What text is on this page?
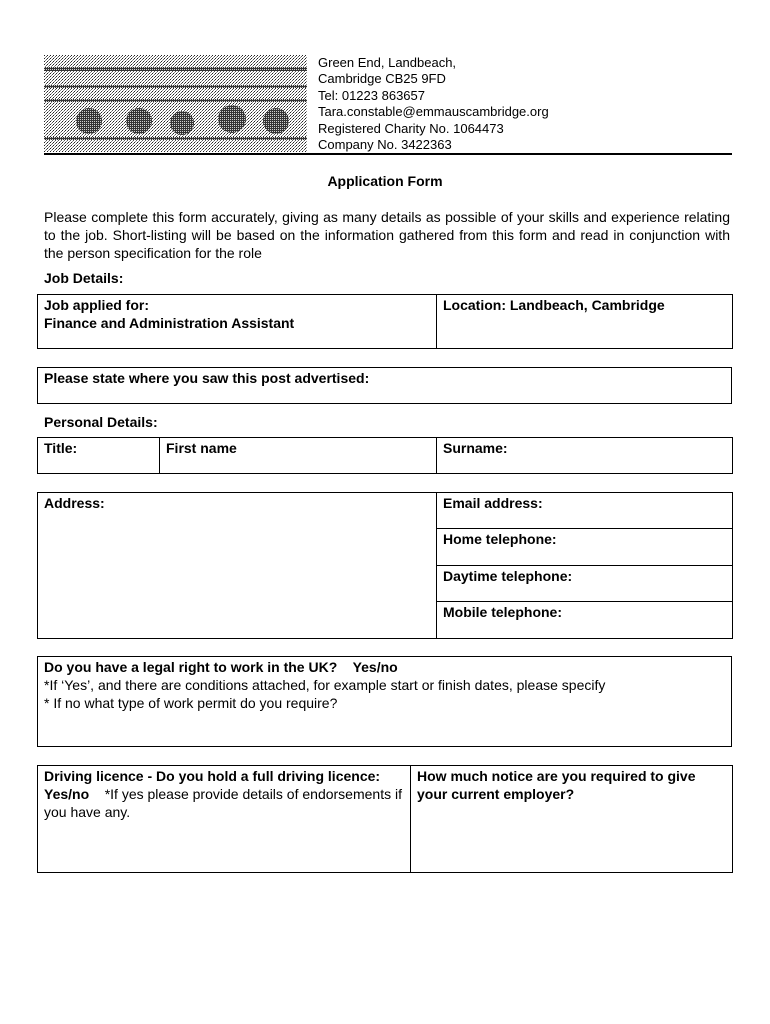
Green End, Landbeach,
Cambridge CB25 9FD
Tel: 01223 863657
Tara.constable@emmauscambridge.org
Registered Charity No. 1064473
Company No. 3422363
Application Form
Please complete this form accurately, giving as many details as possible of your skills and experience relating to the job. Short-listing will be based on the information gathered from this form and read in conjunction with the person specification for the role
Job Details:
Job applied for:
Finance and Administration Assistant

Location: Landbeach, Cambridge
Please state where you saw this post advertised:
Personal Details:
Title:	First name	Surname:
Address:	Email address:

Home telephone:

Daytime telephone:

Mobile telephone:
Do you have a legal right to work in the UK? Yes/no
*If ‘Yes’, and there are conditions attached, for example start or finish dates, please specify
* If no what type of work permit do you require?
Driving licence - Do you hold a full driving licence:    Yes/no *If yes please provide details of endorsements if you have any.	
How much notice are you required to give your current employer?
